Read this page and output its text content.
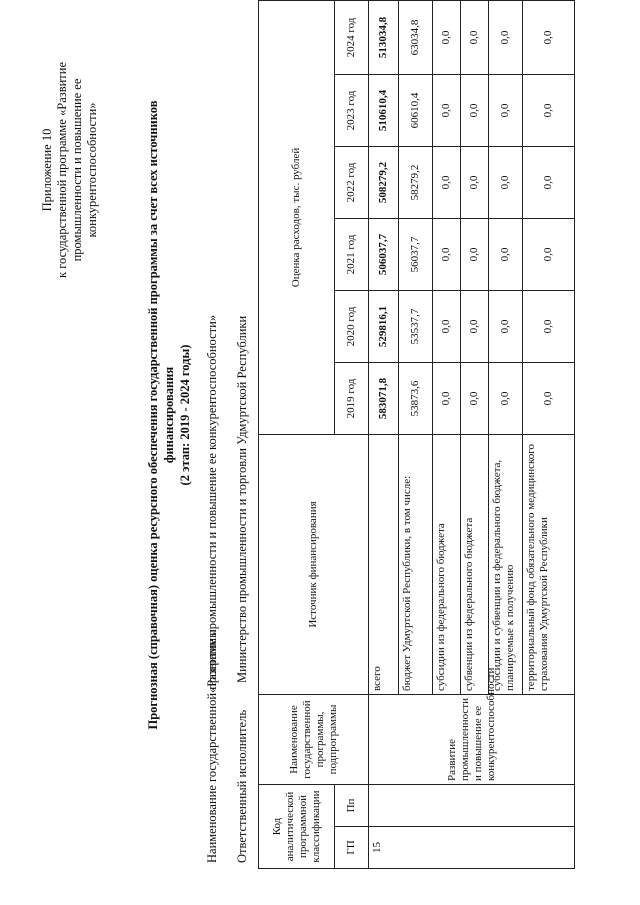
Приложение 10 к государственной программе «Развитие промышленности и повышение ее конкурентоспособности»	Прогнозная (справочная) оценка ресурсного обеспечения государственной программы за счет всех источников финансирования (2 этап: 2019 - 2024 годы)
Наименование государственной программы
«Развитие промышленности и повышение ее конкурентоспособности»
Ответственный исполнитель
Министерство промышленности и торговли Удмуртской Республики
Код аналитической программной классификации		Наименование государственной программы, подпрограммы	Источник финансирования	Оценка расходов, тыс. рублей					
ГП	Пп			2019 год	2020 год	2021 год	2022 год	2023 год	2024 год

15		Развитие промышленности и повышение ее конкурентоспособности	всего	583071,8	529816,1	506037,7	508279,2	510610,4	513034,8
			бюджет Удмуртской Республики, в том числе:	53873,6	53537,7	56037,7	58279,2	60610,4	63034,8
			субсидии из федерального бюджета	0,0	0,0	0,0	0,0	0,0	0,0
			субвенции из федерального бюджета	0,0	0,0	0,0	0,0	0,0	0,0
			субсидии и субвенции из федерального бюджета, планируемые к получению	0,0	0,0	0,0	0,0	0,0	0,0
			территориальный фонд обязательного медицинского страхования Удмуртской Республики	0,0	0,0	0,0	0,0	0,0	0,0
